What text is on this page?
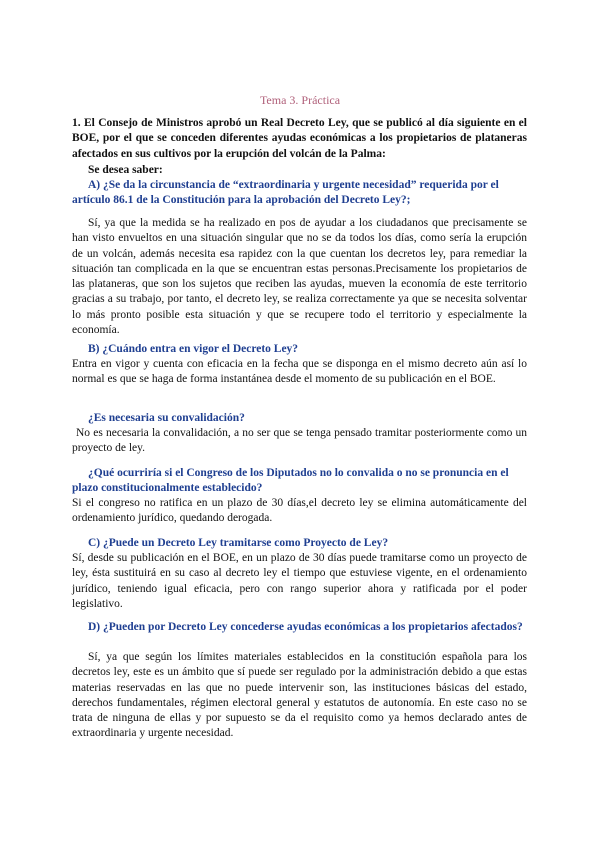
Tema 3. Práctica
1. El Consejo de Ministros aprobó un Real Decreto Ley, que se publicó al día siguiente en el BOE, por el que se conceden diferentes ayudas económicas a los propietarios de plataneras afectados en sus cultivos por la erupción del volcán de la Palma:
Se desea saber:
A) ¿Se da la circunstancia de “extraordinaria y urgente necesidad” requerida por el artículo 86.1 de la Constitución para la aprobación del Decreto Ley?;
Sí, ya que la medida se ha realizado en pos de ayudar a los ciudadanos que precisamente se han visto envueltos en una situación singular que no se da todos los días, como sería la erupción de un volcán, además necesita esa rapidez con la que cuentan los decretos ley, para remediar la situación tan complicada en la que se encuentran estas personas.Precisamente los propietarios de las plataneras, que son los sujetos que reciben las ayudas, mueven la economía de este territorio gracias a su trabajo, por tanto, el decreto ley, se realiza correctamente ya que se necesita solventar lo más pronto posible esta situación y que se recupere todo el territorio y especialmente la economía.
B) ¿Cuándo entra en vigor el Decreto Ley?
Entra en vigor y cuenta con eficacia en la fecha que se disponga en el mismo decreto aún así lo normal es que se haga de forma instantánea desde el momento de su publicación en el BOE.
¿Es necesaria su convalidación?
No es necesaria la convalidación, a no ser que se tenga pensado tramitar posteriormente como un proyecto de ley.
¿Qué ocurriría si el Congreso de los Diputados no lo convalida o no se pronuncia en el plazo constitucionalmente establecido?
Si el congreso no ratifica en un plazo de 30 días,el decreto ley se elimina automáticamente del ordenamiento jurídico, quedando derogada.
C) ¿Puede un Decreto Ley tramitarse como Proyecto de Ley?
Sí, desde su publicación en el BOE, en un plazo de 30 días puede tramitarse como un proyecto de ley, ésta sustituirá en su caso al decreto ley el tiempo que estuviese vigente, en el ordenamiento jurídico, teniendo igual eficacia, pero con rango superior ahora y ratificada por el poder legislativo.
D) ¿Pueden por Decreto Ley concederse ayudas económicas a los propietarios afectados?
Sí, ya que según los límites materiales establecidos en la constitución española para los decretos ley, este es un ámbito que sí puede ser regulado por la administración debido a que estas materias reservadas en las que no puede intervenir son, las instituciones básicas del estado, derechos fundamentales, régimen electoral general y estatutos de autonomía. En este caso no se trata de ninguna de ellas y por supuesto se da el requisito como ya hemos declarado antes de extraordinaria y urgente necesidad.
